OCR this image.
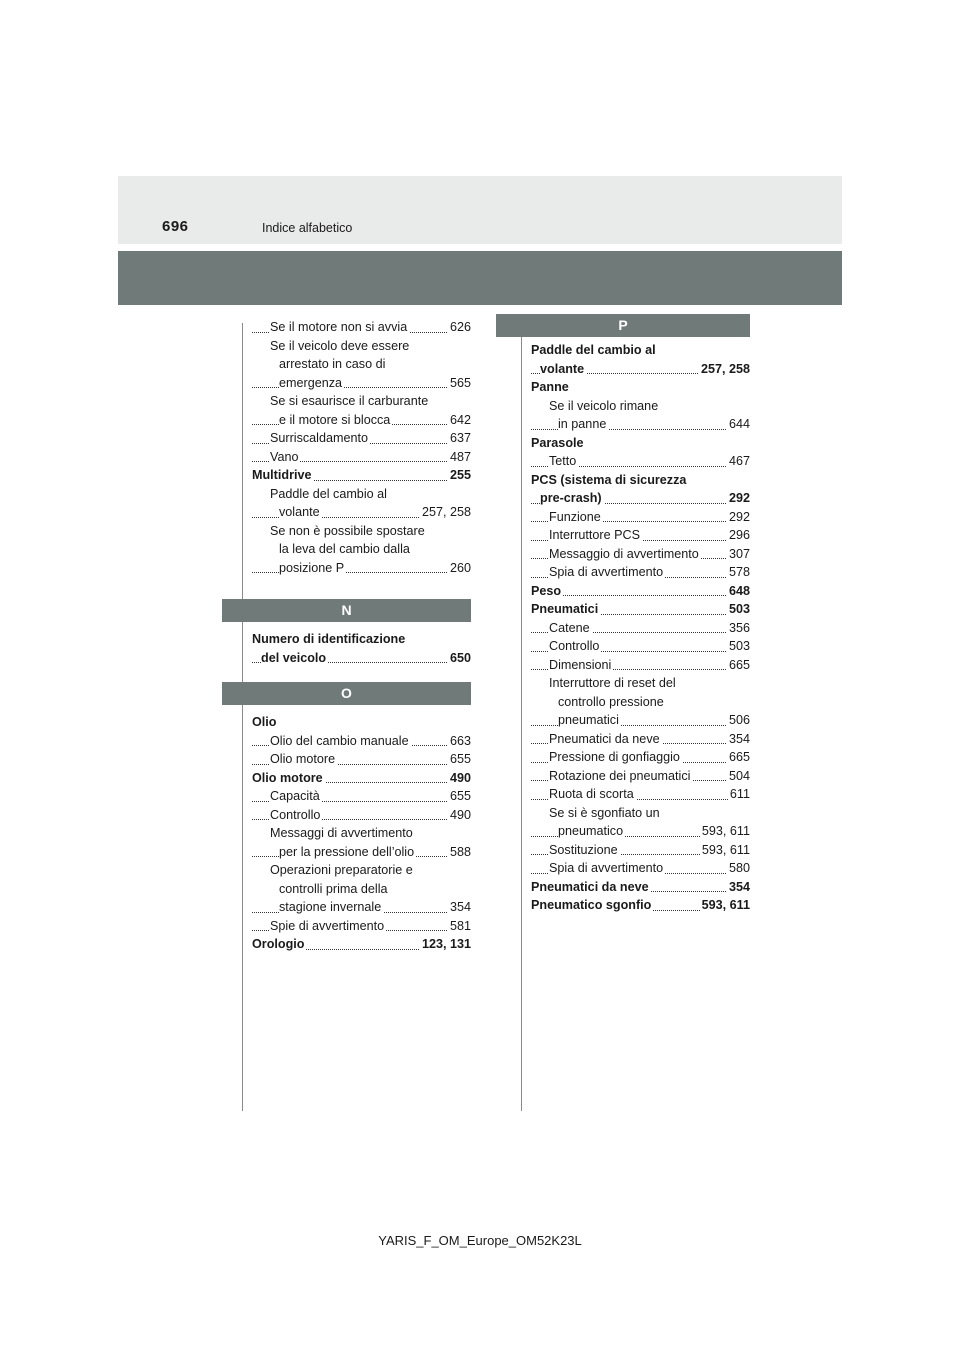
696	Indice alfabetico
Se il motore non si avvia	626
Se il veicolo deve essere
arrestato in caso di
emergenza	565
Se si esaurisce il carburante
e il motore si blocca	642
Surriscaldamento	637
Vano	487
Multidrive	255
Paddle del cambio al
volante	257, 258
Se non è possibile spostare
la leva del cambio dalla
posizione P	260
N
Numero di identificazione
del veicolo	650
O
Olio
Olio del cambio manuale	663
Olio motore	655
Olio motore	490
Capacità	655
Controllo	490
Messaggi di avvertimento
per la pressione dell’olio	588
Operazioni preparatorie e
controlli prima della
stagione invernale	354
Spie di avvertimento	581
Orologio	123, 131
P
Paddle del cambio al
volante	257, 258
Panne
Se il veicolo rimane
in panne	644
Parasole
Tetto	467
PCS (sistema di sicurezza
pre-crash)	292
Funzione	292
Interruttore PCS	296
Messaggio di avvertimento 307
Spia di avvertimento	578
Peso	648
Pneumatici	503
Catene	356
Controllo	503
Dimensioni	665
Interruttore di reset del
controllo pressione
pneumatici	506
Pneumatici da neve	354
Pressione di gonfiaggio	665
Rotazione dei pneumatici	504
Ruota di scorta	611
Se si è sgonfiato un
pneumatico	593, 611
Sostituzione	593, 611
Spia di avvertimento	580
Pneumatici da neve	354
Pneumatico sgonfio	593, 611
YARIS_F_OM_Europe_OM52K23L
